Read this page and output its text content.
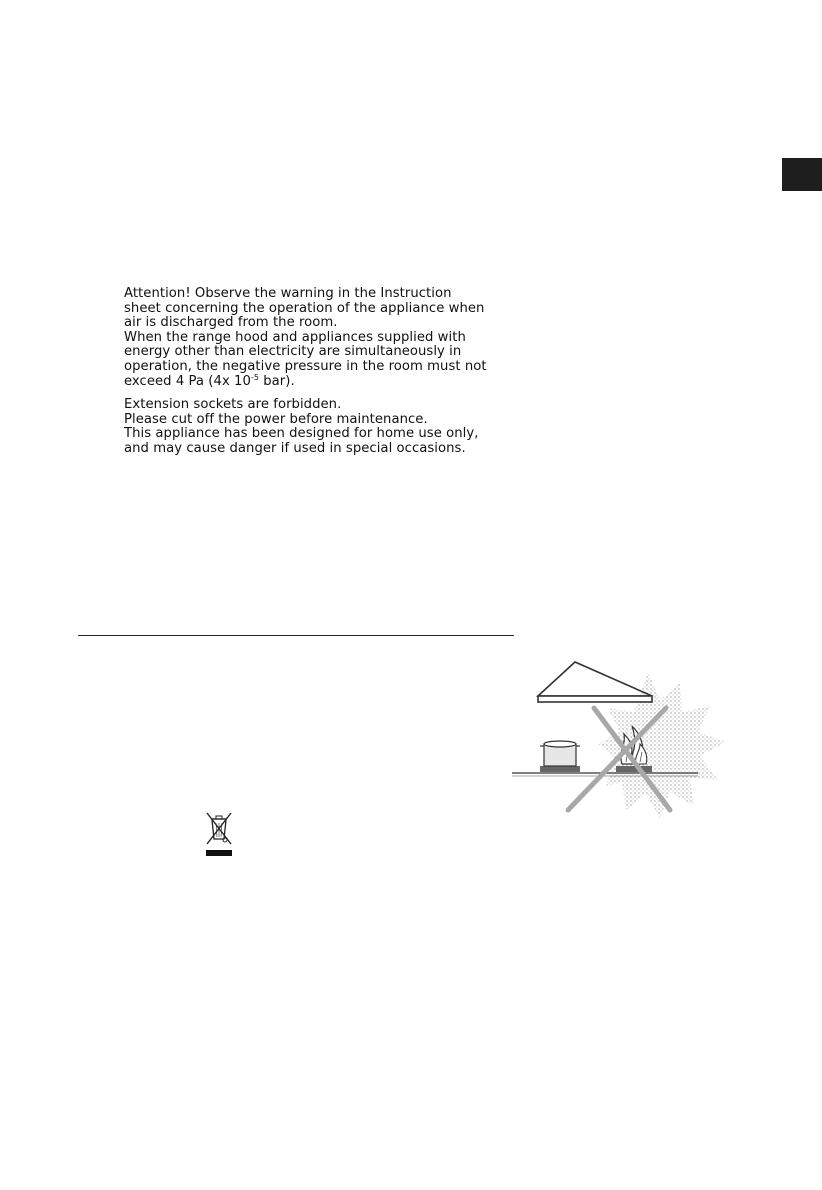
Attention! Observe the warning in the Instruction
sheet concerning the operation of the appliance when
air is discharged from the room.
When the range hood and appliances supplied with
energy other than electricity are simultaneously in
operation, the negative pressure in the room must not
exceed 4 Pa (4x $10^{-5}$ bar).

Extension sockets are forbidden.
Please cut off the power before maintenance.
This appliance has been designed for home use only,
and may cause danger if used in special occasions.
